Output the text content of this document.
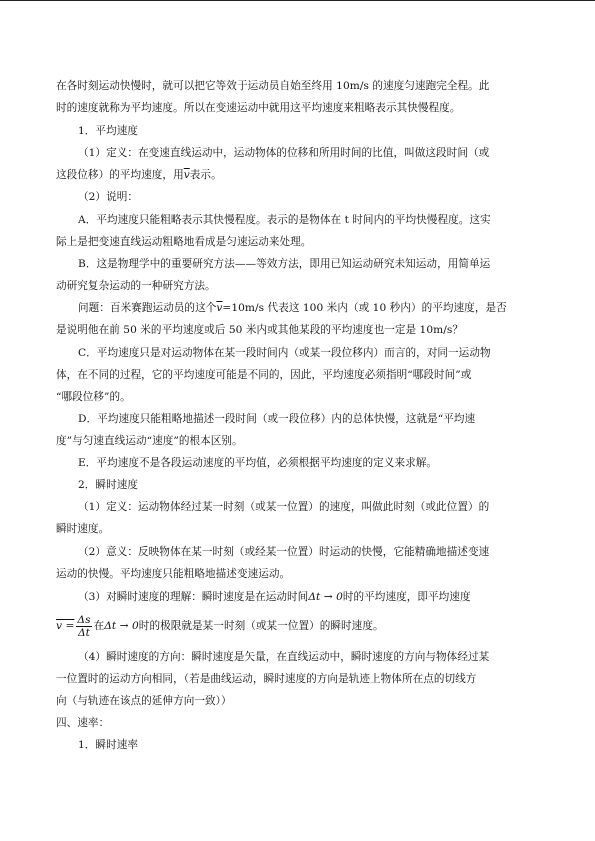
在各时刻运动快慢时，就可以把它等效于运动员自始至终用 10m/s 的速度匀速跑完全程。此
时的速度就称为平均速度。所以在变速运动中就用这平均速度来粗略表示其快慢程度。
1．平均速度
（1）定义：在变速直线运动中，运动物体的位移和所用时间的比值，叫做这段时间（或
这段位移）的平均速度，用$\overline{v}$表示。
（2）说明：
A．平均速度只能粗略表示其快慢程度。表示的是物体在 t 时间内的平均快慢程度。这实
际上是把变速直线运动粗略地看成是匀速运动来处理。
B．这是物理学中的重要研究方法——等效方法，即用已知运动研究未知运动，用简单运
动研究复杂运动的一种研究方法。
问题：百米赛跑运动员的这个$\overline{v}=10m/s$ 代表这 100 米内（或 10 秒内）的平均速度，是否
是说明他在前 50 米的平均速度或后 50 米内或其他某段的平均速度也一定是 10m/s？
C．平均速度只是对运动物体在某一段时间内（或某一段位移内）而言的，对同一运动物
体，在不同的过程，它的平均速度可能是不同的，因此，平均速度必须指明“哪段时间”或
“哪段位移”的。
D．平均速度只能粗略地描述一段时间（或一段位移）内的总体快慢，这就是“平均速
度”与匀速直线运动“速度”的根本区别。
E．平均速度不是各段运动速度的平均值，必须根据平均速度的定义来求解。
2．瞬时速度
（1）定义：运动物体经过某一时刻（或某一位置）的速度，叫做此时刻（或此位置）的
瞬时速度。
（2）意义：反映物体在某一时刻（或经某一位置）时运动的快慢，它能精确地描述变速
运动的快慢。平均速度只能粗略地描述变速运动。
（3）对瞬时速度的理解：瞬时速度是在运动时间Δt → 0时的平均速度，即平均速度
$v = \frac{\Delta s}{\Delta t}$ 在Δt → 0时的极限就是某一时刻（或某一位置）的瞬时速度。
（4）瞬时速度的方向：瞬时速度是矢量，在直线运动中，瞬时速度的方向与物体经过某
一位置时的运动方向相同，（若是曲线运动，瞬时速度的方向是轨迹上物体所在点的切线方
向（与轨迹在该点的延伸方向一致））
四、速率：
1．瞬时速率
